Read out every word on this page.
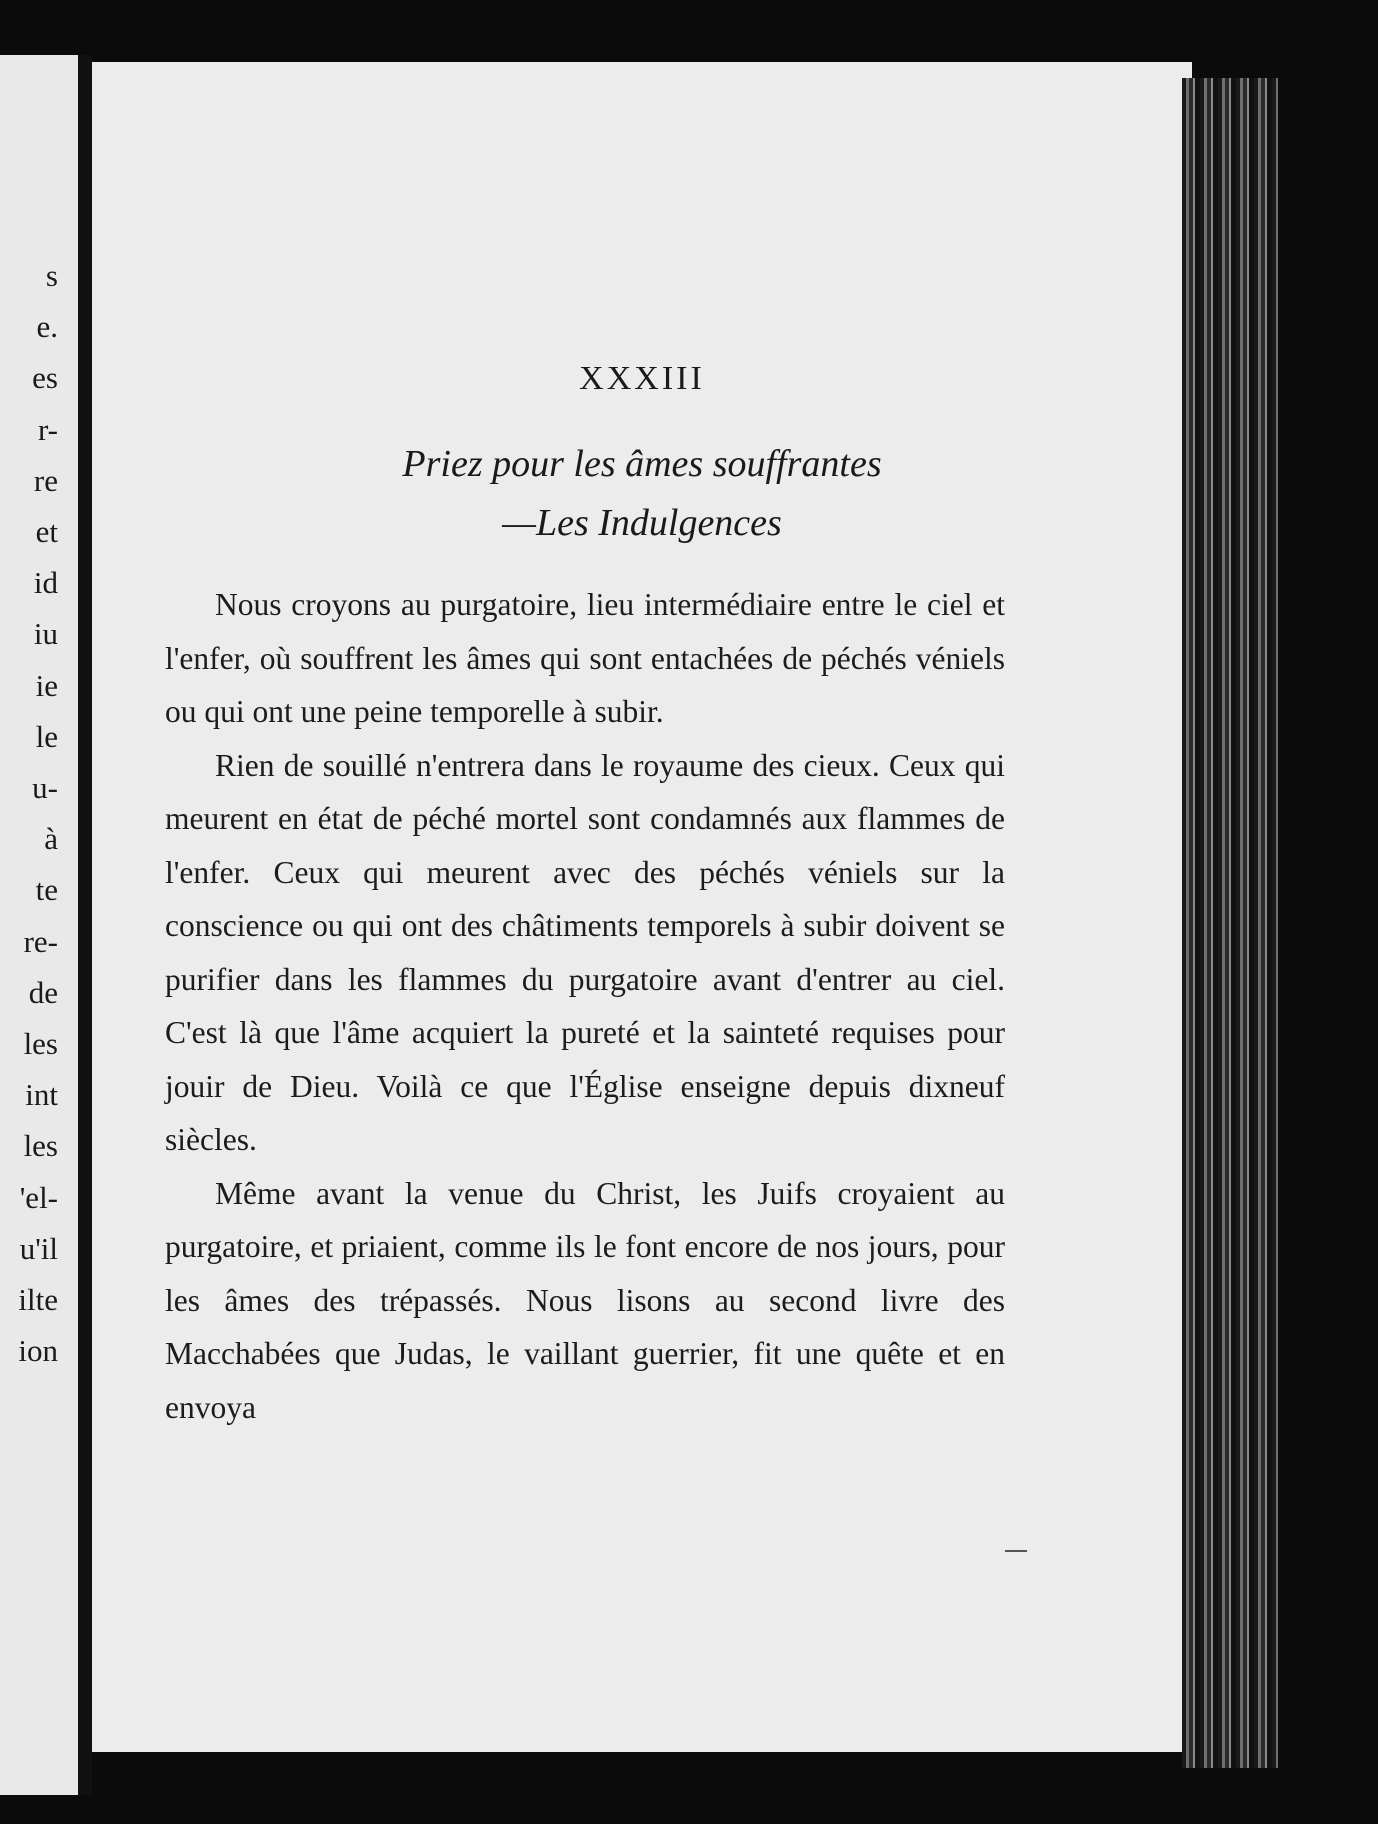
XXXIII
Priez pour les âmes souffrantes
—Les Indulgences

Nous croyons au purgatoire, lieu intermédiaire entre le ciel et l'enfer, où souffrent les âmes qui sont entachées de péchés véniels ou qui ont une peine temporelle à subir.

Rien de souillé n'entrera dans le royaume des cieux. Ceux qui meurent en état de péché mortel sont condamnés aux flammes de l'enfer. Ceux qui meurent avec des péchés véniels sur la conscience ou qui ont des châtiments temporels à subir doivent se purifier dans les flammes du purgatoire avant d'entrer au ciel. C'est là que l'âme acquiert la pureté et la sainteté requises pour jouir de Dieu. Voilà ce que l'Église enseigne depuis dixneuf siècles.

Même avant la venue du Christ, les Juifs croyaient au purgatoire, et priaient, comme ils le font encore de nos jours, pour les âmes des trépassés. Nous lisons au second livre des Macchabées que Judas, le vaillant guerrier, fit une quête et en envoya

s
e.
es
r-
re
et
id
iu
ie
le
u-
à
te
re-
de
les
int
les
'el-
u'il
ilte
ion
